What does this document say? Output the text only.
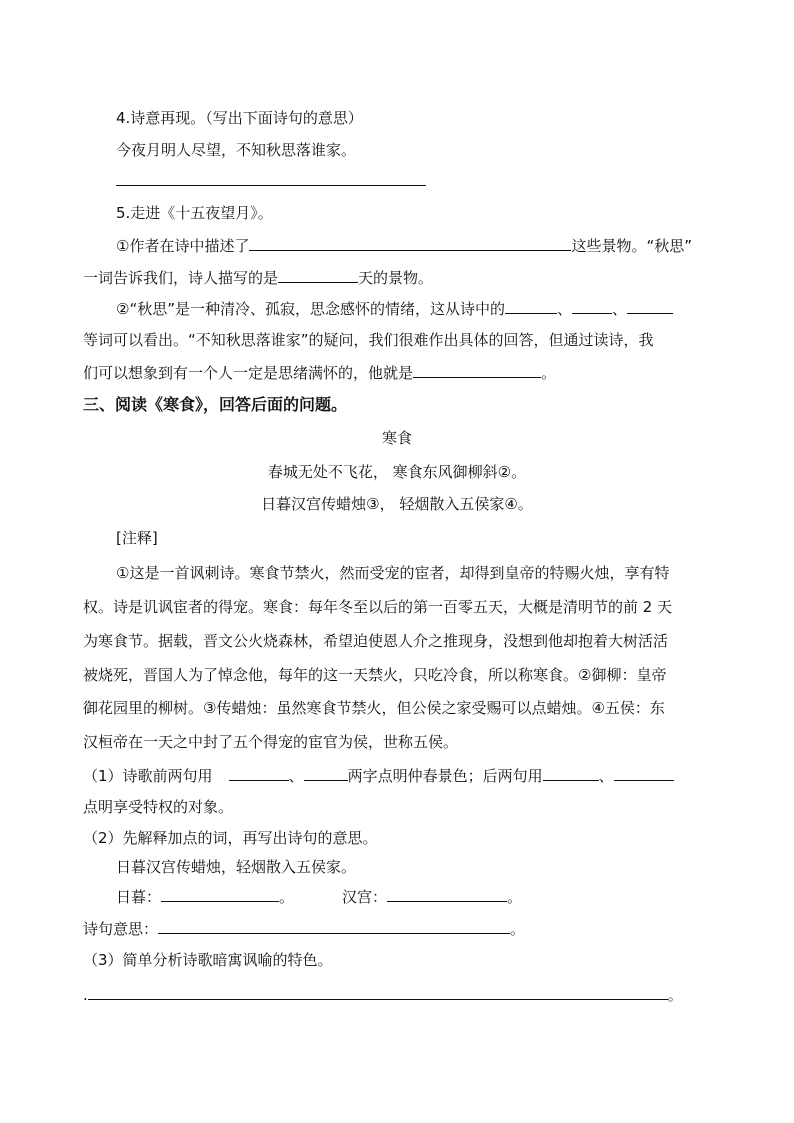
4.诗意再现。（写出下面诗句的意思）
今夜月明人尽望，不知秋思落谁家。
5.走进《十五夜望月》。
①作者在诗中描述了	这些景物。“秋思”
一词告诉我们，诗人描写的是	天的景物。
②“秋思”是一种清冷、孤寂，思念感怀的情绪，这从诗中的	、	、
等词可以看出。“不知秋思落谁家”的疑问，我们很难作出具体的回答，但通过读诗，我
们可以想象到有一个人一定是思绪满怀的，他就是	。
三、阅读《寒食》，回答后面的问题。
寒食
春城无处不飞花， 寒食东风御柳斜②。
日暮汉宫传蜡烛③， 轻烟散入五侯家④。
[注释]
①这是一首讽刺诗。寒食节禁火，然而受宠的宦者，却得到皇帝的特赐火烛，享有特
权。诗是讥讽宦者的得宠。寒食：每年冬至以后的第一百零五天，大概是清明节的前 2 天
为寒食节。据载，晋文公火烧森林，希望迫使恩人介之推现身，没想到他却抱着大树活活
被烧死，晋国人为了悼念他，每年的这一天禁火，只吃冷食，所以称寒食。②御柳：皇帝
御花园里的柳树。③传蜡烛：虽然寒食节禁火，但公侯之家受赐可以点蜡烛。④五侯：东
汉桓帝在一天之中封了五个得宠的宦官为侯，世称五侯。
（1）诗歌前两句用	、	两字点明仲春景色；后两句用	、
点明享受特权的对象。
（2）先解释加点的词，再写出诗句的意思。
日暮汉宫传蜡烛，轻烟散入五侯家。
日暮：	。	汉宫：	。
诗句意思：	。
（3）简单分析诗歌暗寓讽喻的特色。
.	。
